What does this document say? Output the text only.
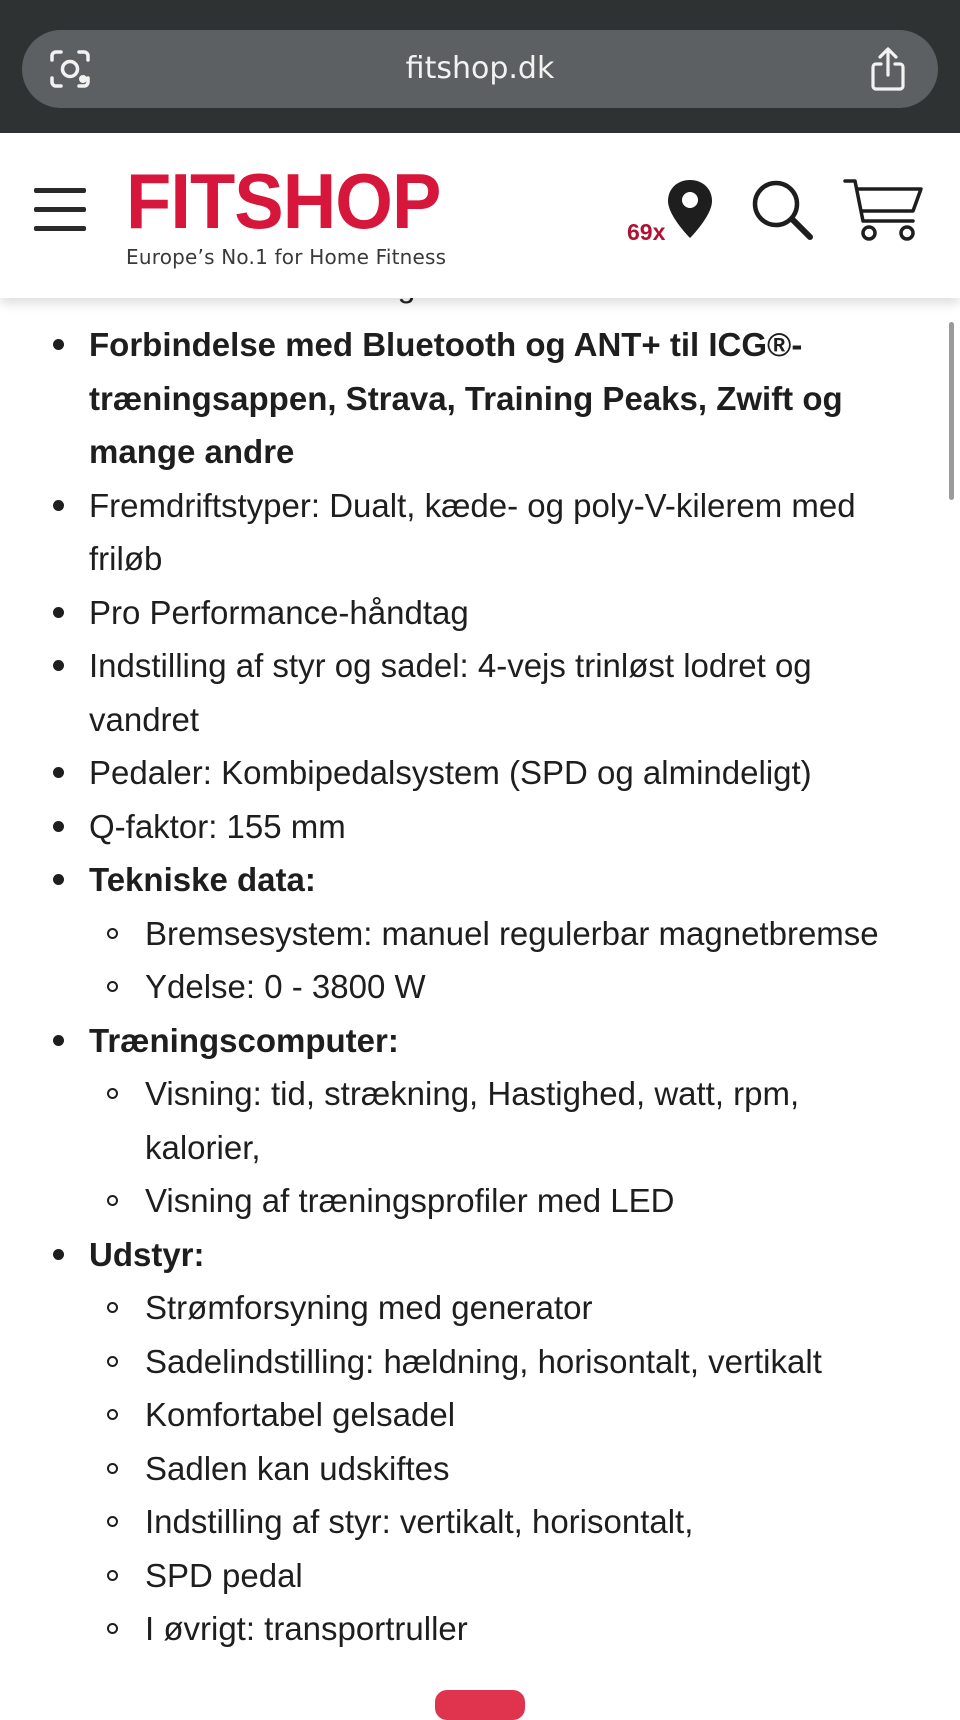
fitshop.dk
FITSHOP
Europe’s No.1 for Home Fitness
69x
Forbindelse med Bluetooth og ANT+ til ICG®-træningsappen, Strava, Training Peaks, Zwift og mange andre
Fremdriftstyper: Dualt, kæde- og poly-V-kilerem med friløb
Pro Performance-håndtag
Indstilling af styr og sadel: 4-vejs trinløst lodret og vandret
Pedaler: Kombipedalsystem (SPD og almindeligt)
Q-faktor: 155 mm
Tekniske data:
Bremsesystem: manuel regulerbar magnetbremse
Ydelse: 0 - 3800 W
Træningscomputer:
Visning: tid, strækning, Hastighed, watt, rpm, kalorier,
Visning af træningsprofiler med LED
Udstyr:
Strømforsyning med generator
Sadelindstilling: hældning, horisontalt, vertikalt
Komfortabel gelsadel
Sadlen kan udskiftes
Indstilling af styr: vertikalt, horisontalt,
SPD pedal
I øvrigt: transportruller
